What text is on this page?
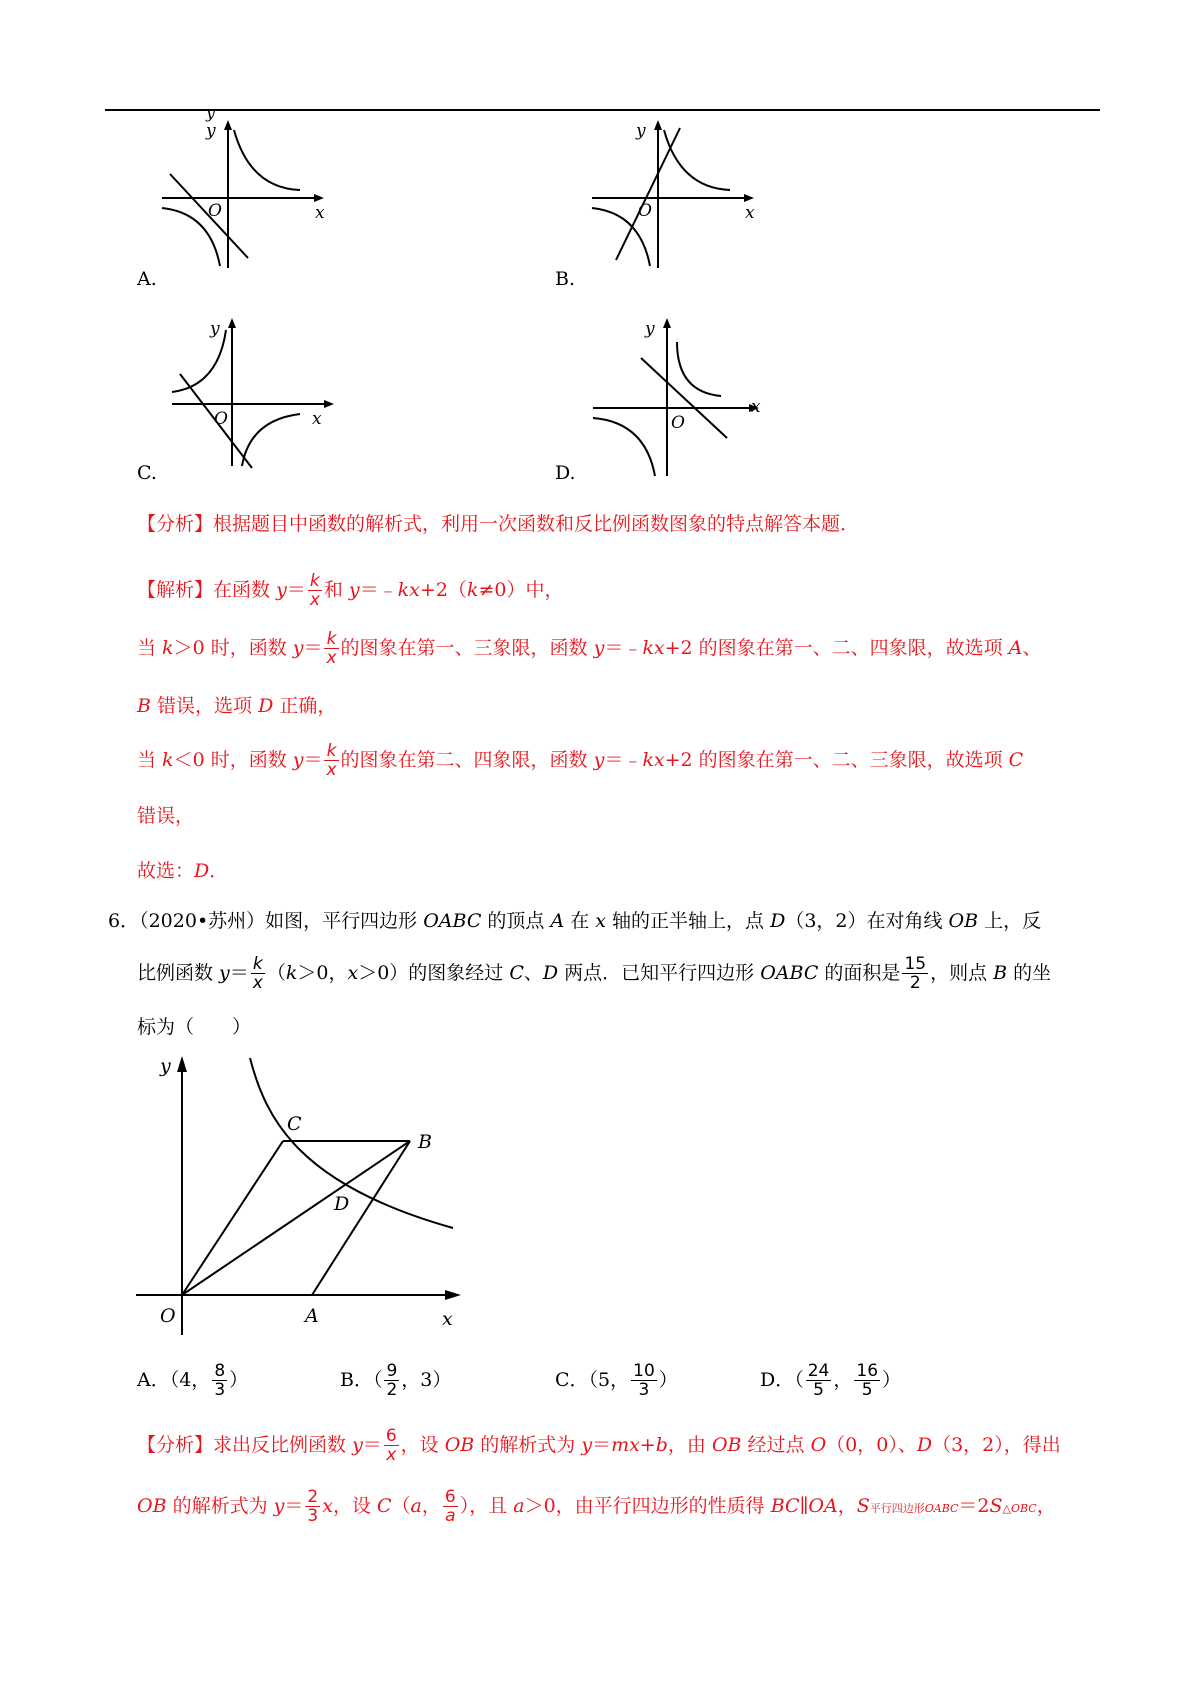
y
y
x
O
A.
y
x
O
B.
y
x
O
C.
y
x
O
D.
【分析】根据题目中函数的解析式，利用一次函数和反比例函数图象的特点解答本题．
【解析】在函数 $y= \frac{k}{x}$ 和 y＝﹣kx+2（k≠0）中，
当 k＞0 时，函数 $y= \frac{k}{x}$ 的图象在第一、三象限，函数 y＝﹣kx+2 的图象在第一、二、四象限，故选项 A、
B 错误，选项 D 正确，
当 k＜0 时，函数 $y= \frac{k}{x}$ 的图象在第二、四象限，函数 y＝﹣kx+2 的图象在第一、二、三象限，故选项 C
错误，
故选：D．
6．（2020•苏州）如图，平行四边形 OABC 的顶点 A 在 x 轴的正半轴上，点 D（3，2）在对角线 OB 上，反
比例函数 $y= \frac{k}{x} (k>0$，x＞0）的图象经过 C、D 两点．已知平行四边形 OABC 的面积是 $\frac{15}{2}$ ，则点 B 的坐
标为（　　）
y
x
O	A
B
C
D
A．（4， $\frac{8}{3}$ ）	B．（ $\frac{9}{2}$ ，3）	C．（5， $\frac{10}{3}$ ）	D．（ $\frac{24}{5}$ ， $\frac{16}{5}$ ）
【分析】求出反比例函数 $y= \frac{6}{x}$ ，设 OB 的解析式为 y＝mx+b，由 OB 经过点 O（0，0）、D（3，2），得出
OB 的解析式为 $y= \frac{2}{3}$ x，设 C（a， $\frac{6}{a}$ ），且 a＞0，由平行四边形的性质得 BC∥OA，S平行四边形OABC＝2S△OBC，
